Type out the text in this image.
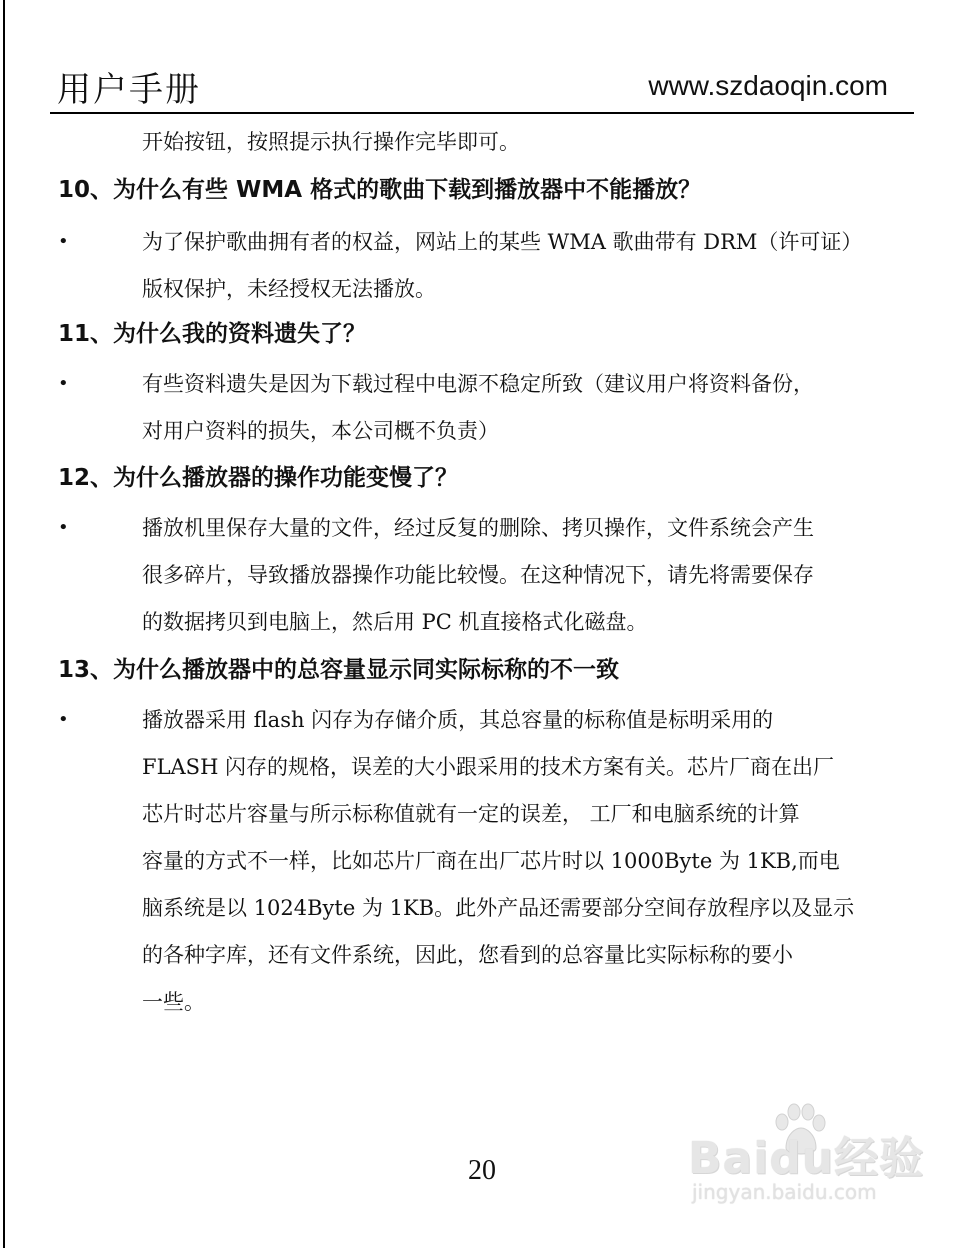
用户手册	www.szdaoqin.com
开始按钮，按照提示执行操作完毕即可。
10、为什么有些 WMA 格式的歌曲下载到播放器中不能播放？
•	为了保护歌曲拥有者的权益，网站上的某些 WMA 歌曲带有 DRM（许可证）
版权保护，未经授权无法播放。
11、为什么我的资料遗失了？
•	有些资料遗失是因为下载过程中电源不稳定所致（建议用户将资料备份，
对用户资料的损失，本公司概不负责）
12、为什么播放器的操作功能变慢了？
•	播放机里保存大量的文件，经过反复的删除、拷贝操作，文件系统会产生
很多碎片，导致播放器操作功能比较慢。在这种情况下，请先将需要保存
的数据拷贝到电脑上，然后用 PC 机直接格式化磁盘。
13、为什么播放器中的总容量显示同实际标称的不一致
•	播放器采用 flash 闪存为存储介质，其总容量的标称值是标明采用的
FLASH 闪存的规格，误差的大小跟采用的技术方案有关。芯片厂商在出厂
芯片时芯片容量与所示标称值就有一定的误差， 工厂和电脑系统的计算
容量的方式不一样，比如芯片厂商在出厂芯片时以 1000Byte 为 1KB,而电
脑系统是以 1024Byte 为 1KB。此外产品还需要部分空间存放程序以及显示
的各种字库，还有文件系统，因此，您看到的总容量比实际标称的要小
一些。
20	Baidu经验
jingyan.baidu.com
